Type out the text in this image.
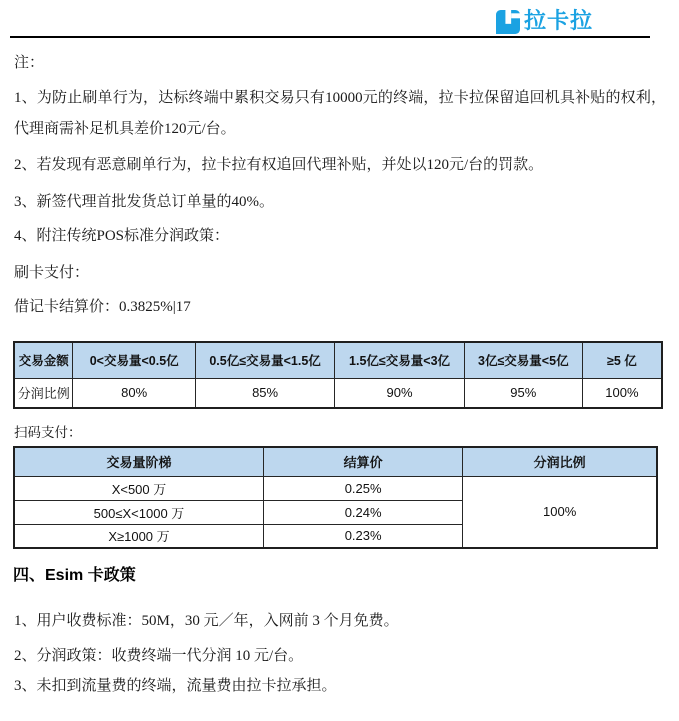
拉卡拉
注：
1、为防止刷单行为，达标终端中累积交易只有10000元的终端，拉卡拉保留追回机具补贴的权利，代理商需补足机具差价120元/台。
2、若发现有恶意刷单行为，拉卡拉有权追回代理补贴，并处以120元/台的罚款。
3、新签代理首批发货总订单量的40%。
4、附注传统POS标准分润政策：
刷卡支付：
借记卡结算价：0.3825%|17
交易金额	0<交易量<0.5亿	0.5亿≤交易量<1.5亿	1.5亿≤交易量<3亿	3亿≤交易量<5亿	≥5 亿
分润比例	80%	85%	90%	95%	100%
扫码支付：
交易量阶梯	结算价	分润比例
X<500 万	0.25%	100%
500≤X<1000 万	0.24%	
X≥1000 万	0.23%	
四、Esim 卡政策
1、用户收费标准：50M，30 元／年，入网前 3 个月免费。
2、分润政策：收费终端一代分润 10 元/台。
3、未扣到流量费的终端，流量费由拉卡拉承担。
